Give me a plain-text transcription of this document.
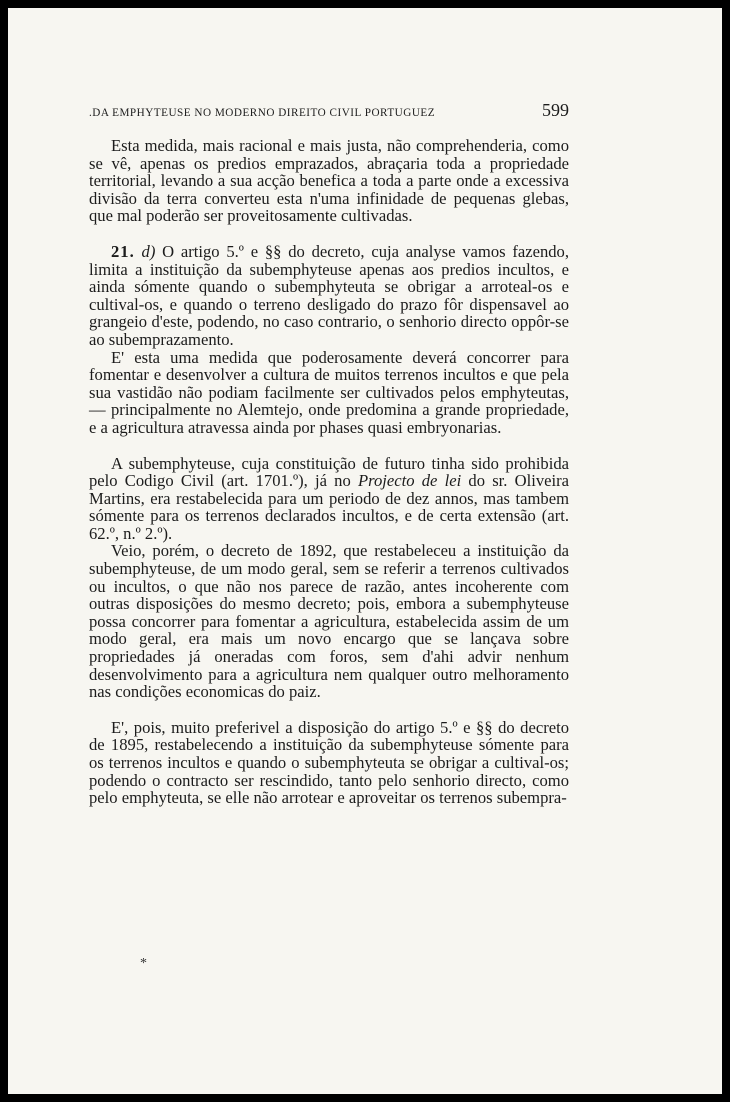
.DA EMPHYTEUSE NO MODERNO DIREITO CIVIL PORTUGUEZ	599

Esta medida, mais racional e mais justa, não comprehenderia, como se vê, apenas os predios emprazados, abraçaria toda a propriedade territorial, levando a sua acção benefica a toda a parte onde a excessiva divisão da terra converteu esta n'uma infinidade de pequenas glebas, que mal poderão ser proveitosamente cultivadas.

21. d) O artigo 5.º e §§ do decreto, cuja analyse vamos fazendo, limita a instituição da subemphyteuse apenas aos predios incultos, e ainda sómente quando o subemphyteuta se obrigar a arroteal-os e cultival-os, e quando o terreno desligado do prazo fôr dispensavel ao grangeio d'este, podendo, no caso contrario, o senhorio directo oppôr-se ao subemprazamento.

E' esta uma medida que poderosamente deverá concorrer para fomentar e desenvolver a cultura de muitos terrenos incultos e que pela sua vastidão não podiam facilmente ser cultivados pelos emphyteutas, — principalmente no Alemtejo, onde predomina a grande propriedade, e a agricultura atravessa ainda por phases quasi embryonarias.

A subemphyteuse, cuja constituição de futuro tinha sido prohibida pelo Codigo Civil (art. 1701.º), já no Projecto de lei do sr. Oliveira Martins, era restabelecida para um periodo de dez annos, mas tambem sómente para os terrenos declarados incultos, e de certa extensão (art. 62.º, n.º 2.º).

Veio, porém, o decreto de 1892, que restabeleceu a instituição da subemphyteuse, de um modo geral, sem se referir a terrenos cultivados ou incultos, o que não nos parece de razão, antes incoherente com outras disposições do mesmo decreto; pois, embora a subemphyteuse possa concorrer para fomentar a agricultura, estabelecida assim de um modo geral, era mais um novo encargo que se lançava sobre propriedades já oneradas com foros, sem d'ahi advir nenhum desenvolvimento para a agricultura nem qualquer outro melhoramento nas condições economicas do paiz.

E', pois, muito preferivel a disposição do artigo 5.º e §§ do decreto de 1895, restabelecendo a instituição da subemphyteuse sómente para os terrenos incultos e quando o subemphyteuta se obrigar a cultival-os; podendo o contracto ser rescindido, tanto pelo senhorio directo, como pelo emphyteuta, se elle não arrotear e aproveitar os terrenos subempra-

*
